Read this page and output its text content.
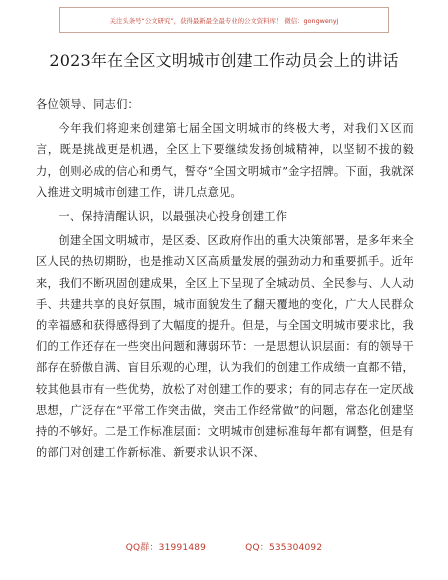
关注头条号“公文研究”，获得最新最全最专业的公文资料库！ 微信：gongwenyj
2023年在全区文明城市创建工作动员会上的讲话

各位领导、同志们：

今年我们将迎来创建第七届全国文明城市的终极大考，对我们Ｘ区而言，既是挑战更是机遇，全区上下要继续发扬创城精神，以坚韧不拔的毅力，创则必成的信心和勇气，誓夺“全国文明城市”金字招牌。下面，我就深入推进文明城市创建工作，讲几点意见。

一、保持清醒认识，以最强决心投身创建工作

创建全国文明城市，是区委、区政府作出的重大决策部署，是多年来全区人民的热切期盼，也是推动Ｘ区高质量发展的强劲动力和重要抓手。近年来，我们不断巩固创建成果，全区上下呈现了全城动员、全民参与、人人动手、共建共享的良好氛围，城市面貌发生了翻天覆地的变化，广大人民群众的幸福感和获得感得到了大幅度的提升。但是，与全国文明城市要求比，我们的工作还存在一些突出问题和薄弱环节：一是思想认识层面：有的领导干部存在骄傲自满、盲目乐观的心理，认为我们的创建工作成绩一直都不错，较其他县市有一些优势，放松了对创建工作的要求；有的同志存在一定厌战思想，广泛存在“平常工作突击做，突击工作经常做”的问题，常态化创建坚持的不够好。二是工作标准层面：文明城市创建标准每年都有调整，但是有的部门对创建工作新标准、新要求认识不深、

QQ群：31991489	QQ：535304092
